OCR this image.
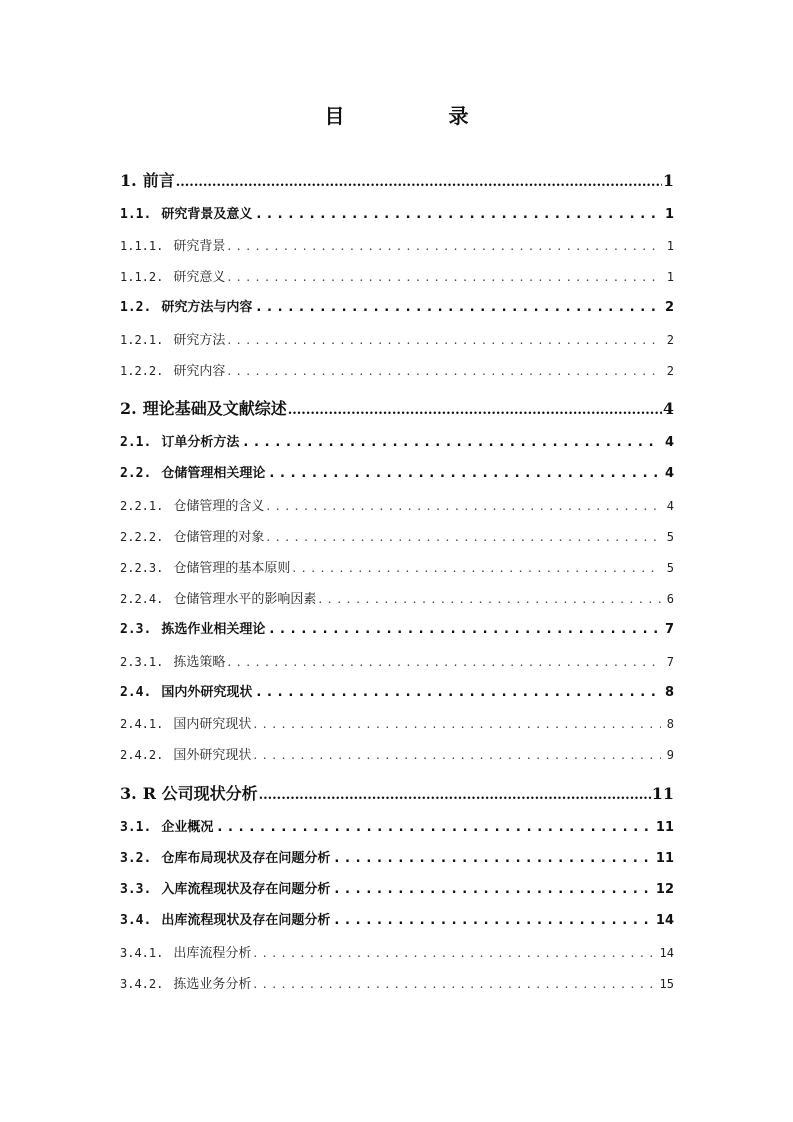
目　录
1. 前言 .....	1
1.1. 研究背景及意义 . . .	1
1.1.1. 研究背景 . . .	1
1.1.2. 研究意义 . . .	1
1.2. 研究方法与内容 . . .	2
1.2.1. 研究方法 . . .	2
1.2.2. 研究内容 . . .	2
2. 理论基础及文献综述 .....	4
2.1. 订单分析方法 . . .	4
2.2. 仓储管理相关理论 . . .	4
2.2.1. 仓储管理的含义 . . .	4
2.2.2. 仓储管理的对象 . . .	5
2.2.3. 仓储管理的基本原则 . . .	5
2.2.4. 仓储管理水平的影响因素 . . .	6
2.3. 拣选作业相关理论 . . .	7
2.3.1. 拣选策略 . . .	7
2.4. 国内外研究现状 . . .	8
2.4.1. 国内研究现状 . . .	8
2.4.2. 国外研究现状 . . .	9
3. R 公司现状分析 .....	11
3.1. 企业概况 . . .	11
3.2. 仓库布局现状及存在问题分析 . . .	11
3.3. 入库流程现状及存在问题分析 . . .	12
3.4. 出库流程现状及存在问题分析 . . .	14
3.4.1. 出库流程分析 . . .	14
3.4.2. 拣选业务分析 . . .	15
